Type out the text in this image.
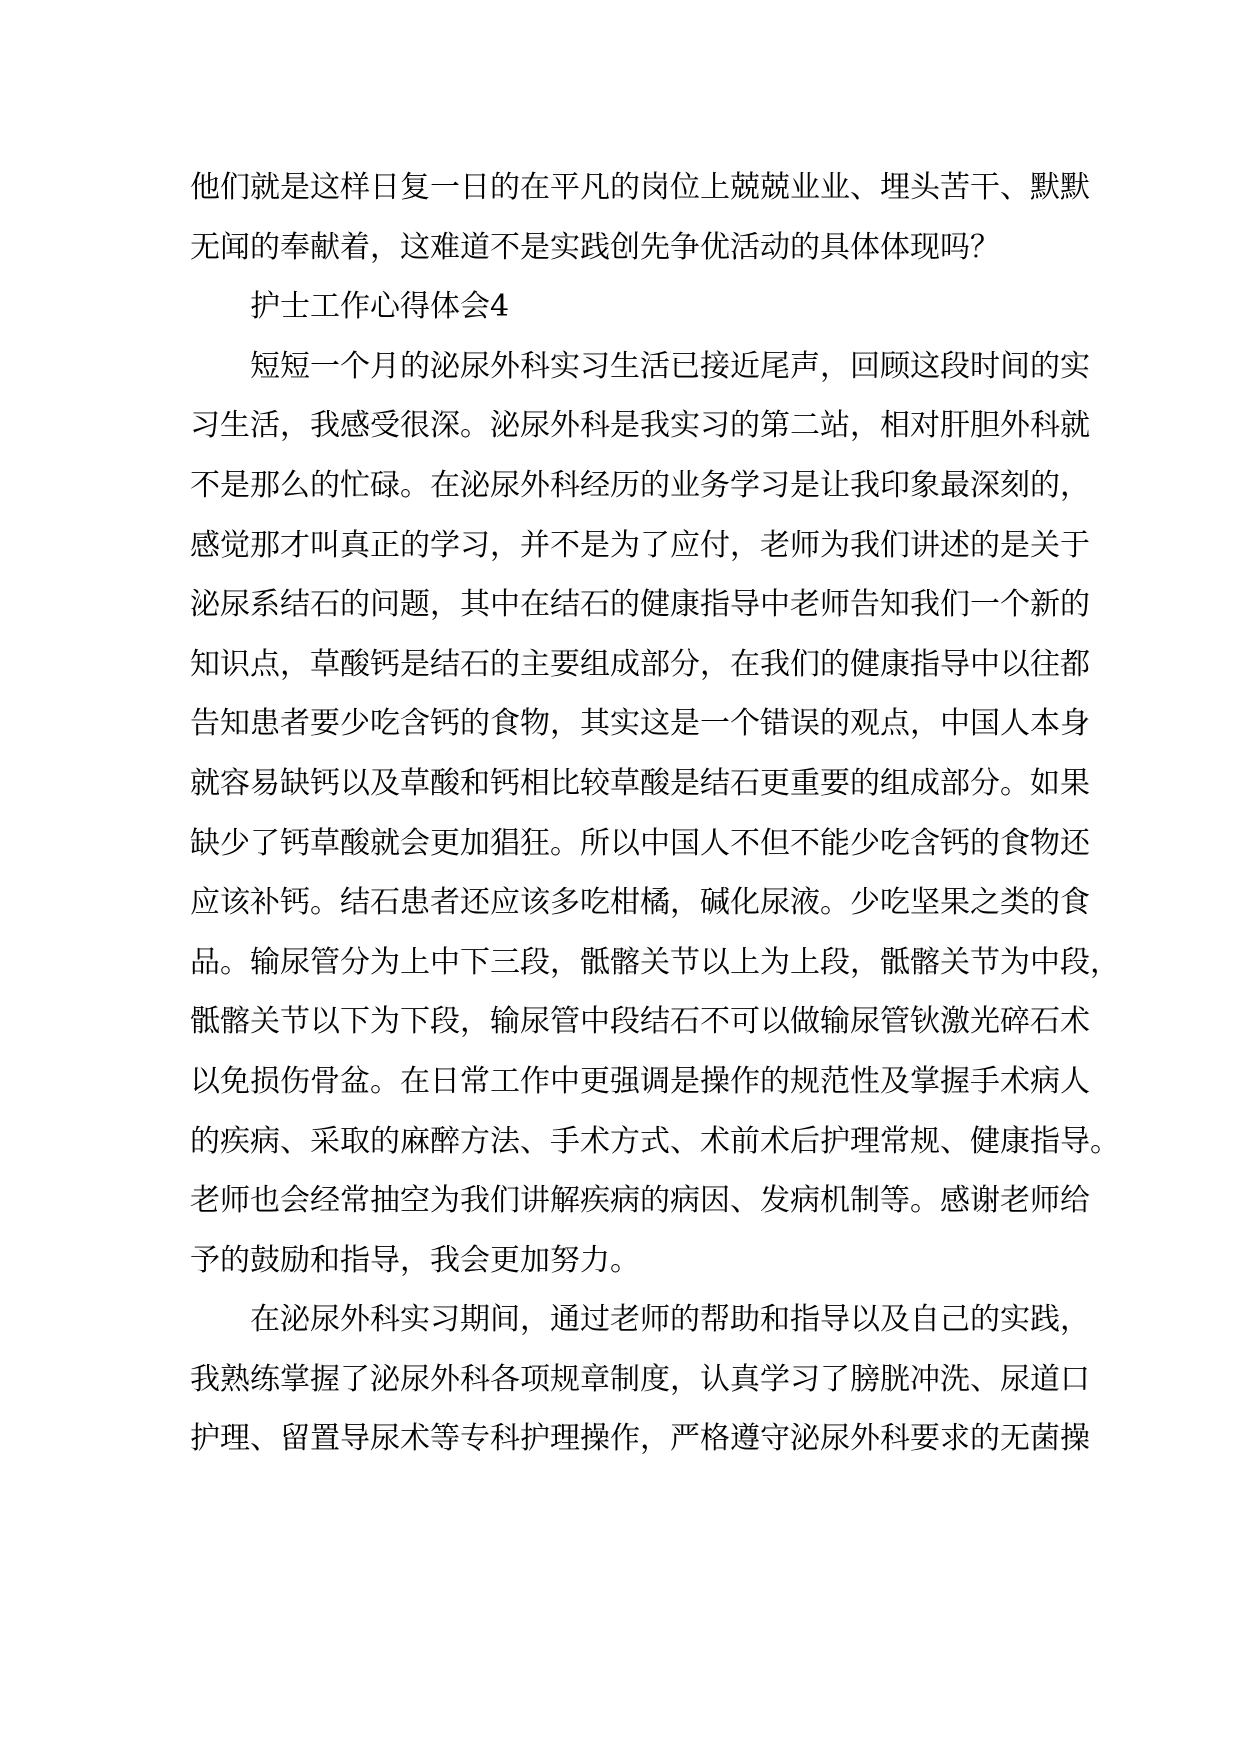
他们就是这样日复一日的在平凡的岗位上兢兢业业、埋头苦干、默默
无闻的奉献着，这难道不是实践创先争优活动的具体体现吗？
护士工作心得体会4
短短一个月的泌尿外科实习生活已接近尾声，回顾这段时间的实
习生活，我感受很深。泌尿外科是我实习的第二站，相对肝胆外科就
不是那么的忙碌。在泌尿外科经历的业务学习是让我印象最深刻的，
感觉那才叫真正的学习，并不是为了应付，老师为我们讲述的是关于
泌尿系结石的问题，其中在结石的健康指导中老师告知我们一个新的
知识点，草酸钙是结石的主要组成部分，在我们的健康指导中以往都
告知患者要少吃含钙的食物，其实这是一个错误的观点，中国人本身
就容易缺钙以及草酸和钙相比较草酸是结石更重要的组成部分。如果
缺少了钙草酸就会更加猖狂。所以中国人不但不能少吃含钙的食物还
应该补钙。结石患者还应该多吃柑橘，碱化尿液。少吃坚果之类的食
品。输尿管分为上中下三段，骶髂关节以上为上段，骶髂关节为中段，
骶髂关节以下为下段，输尿管中段结石不可以做输尿管钬激光碎石术
以免损伤骨盆。在日常工作中更强调是操作的规范性及掌握手术病人
的疾病、采取的麻醉方法、手术方式、术前术后护理常规、健康指导。
老师也会经常抽空为我们讲解疾病的病因、发病机制等。感谢老师给
予的鼓励和指导，我会更加努力。
在泌尿外科实习期间，通过老师的帮助和指导以及自己的实践，
我熟练掌握了泌尿外科各项规章制度，认真学习了膀胱冲洗、尿道口
护理、留置导尿术等专科护理操作，严格遵守泌尿外科要求的无菌操
